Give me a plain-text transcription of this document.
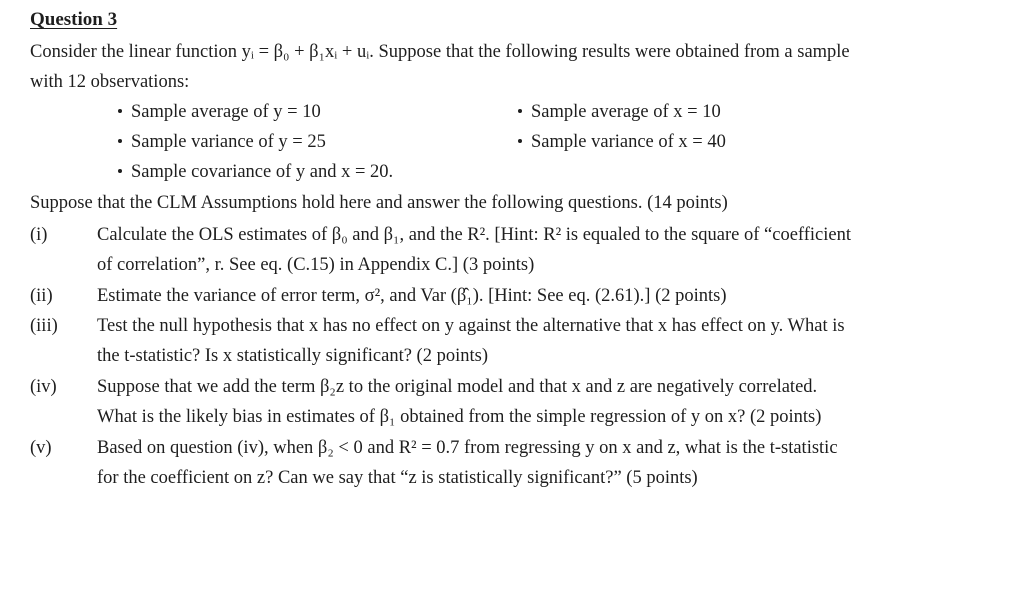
Question 3
Consider the linear function yᵢ = β₀ + β₁xᵢ + uᵢ. Suppose that the following results were obtained from a sample
with 12 observations:
Sample average of y = 10	Sample average of x = 10
Sample variance of y = 25	Sample variance of x = 40
Sample covariance of y and x = 20.
Suppose that the CLM Assumptions hold here and answer the following questions. (14 points)
(i)	Calculate the OLS estimates of β₀ and β₁, and the R². [Hint: R² is equaled to the square of “coefficient
of correlation”, r. See eq. (C.15) in Appendix C.] (3 points)
(ii)	Estimate the variance of error term, σ², and Var (β̂₁). [Hint: See eq. (2.61).] (2 points)
(iii)	Test the null hypothesis that x has no effect on y against the alternative that x has effect on y. What is
the t-statistic? Is x statistically significant? (2 points)
(iv)	Suppose that we add the term β₂z to the original model and that x and z are negatively correlated.
What is the likely bias in estimates of β₁ obtained from the simple regression of y on x? (2 points)
(v)	Based on question (iv), when β₂ < 0 and R² = 0.7 from regressing y on x and z, what is the t-statistic
for the coefficient on z? Can we say that “z is statistically significant?” (5 points)
